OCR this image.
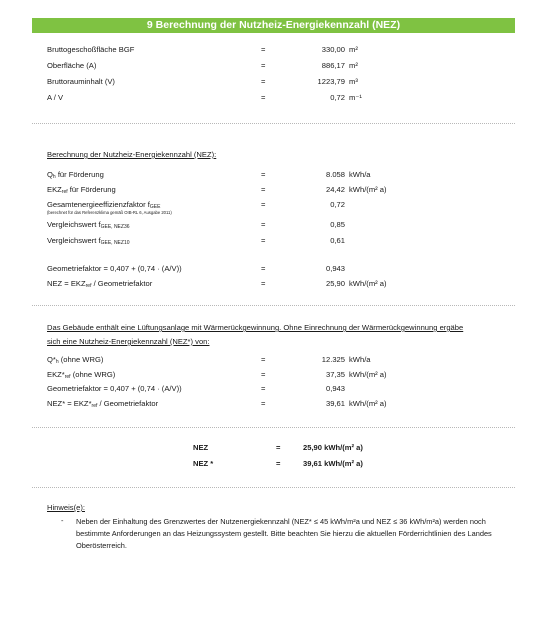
9 Berechnung der Nutzheiz-Energiekennzahl (NEZ)
Bruttogeschoßfläche BGF	=	330,00 m²
Oberfläche (A)	=	886,17 m²
Bruttorauminhalt (V)	=	1223,79 m³
A / V	=	0,72 m⁻¹
Berechnung der Nutzheiz-Energiekennzahl (NEZ):
$Q_h$ für Förderung	=	8.058 kWh/a
$EKZ_{ref}$ für Förderung	=	24,42 kWh/(m² a)
Gesamtenergieeffizienzfaktor $f_{GEE}$	=	0,72
(berechnet für das Referenzklima gemäß OIB-RL 6, Ausgabe 2011)
Vergleichswert $f_{GEE, NEZ36}$	=	0,85
Vergleichswert $f_{GEE, NEZ10}$	=	0,61
Geometriefaktor = 0,407 + (0,74 · (A/V))	=	0,943
NEZ = $EKZ_{ref}$ / Geometriefaktor	=	25,90 kWh/(m² a)
Das Gebäude enthält eine Lüftungsanlage mit Wärmerückgewinnung. Ohne Einrechnung der Wärmerückgewinnung ergäbe
sich eine Nutzheiz-Energiekennzahl (NEZ*) von:
$Q*_h$ (ohne WRG)	=	12.325 kWh/a
$EKZ*_{ref}$ (ohne WRG)	=	37,35 kWh/(m² a)
Geometriefaktor = 0,407 + (0,74 · (A/V))	=	0,943
$NEZ* = EKZ*_{ref}$ / Geometriefaktor	=	39,61 kWh/(m² a)
NEZ	=	25,90 kWh/(m² a)
NEZ *	=	39,61 kWh/(m² a)
Hinweis(e):
- Neben der Einhaltung des Grenzwertes der Nutzenergiekennzahl (NEZ* ≤ 45 kWh/m²a und NEZ ≤ 36 kWh/m²a) werden noch bestimmte Anforderungen an das Heizungssystem gestellt. Bitte beachten Sie hierzu die aktuellen Förderrichtlinien des Landes Oberösterreich.
